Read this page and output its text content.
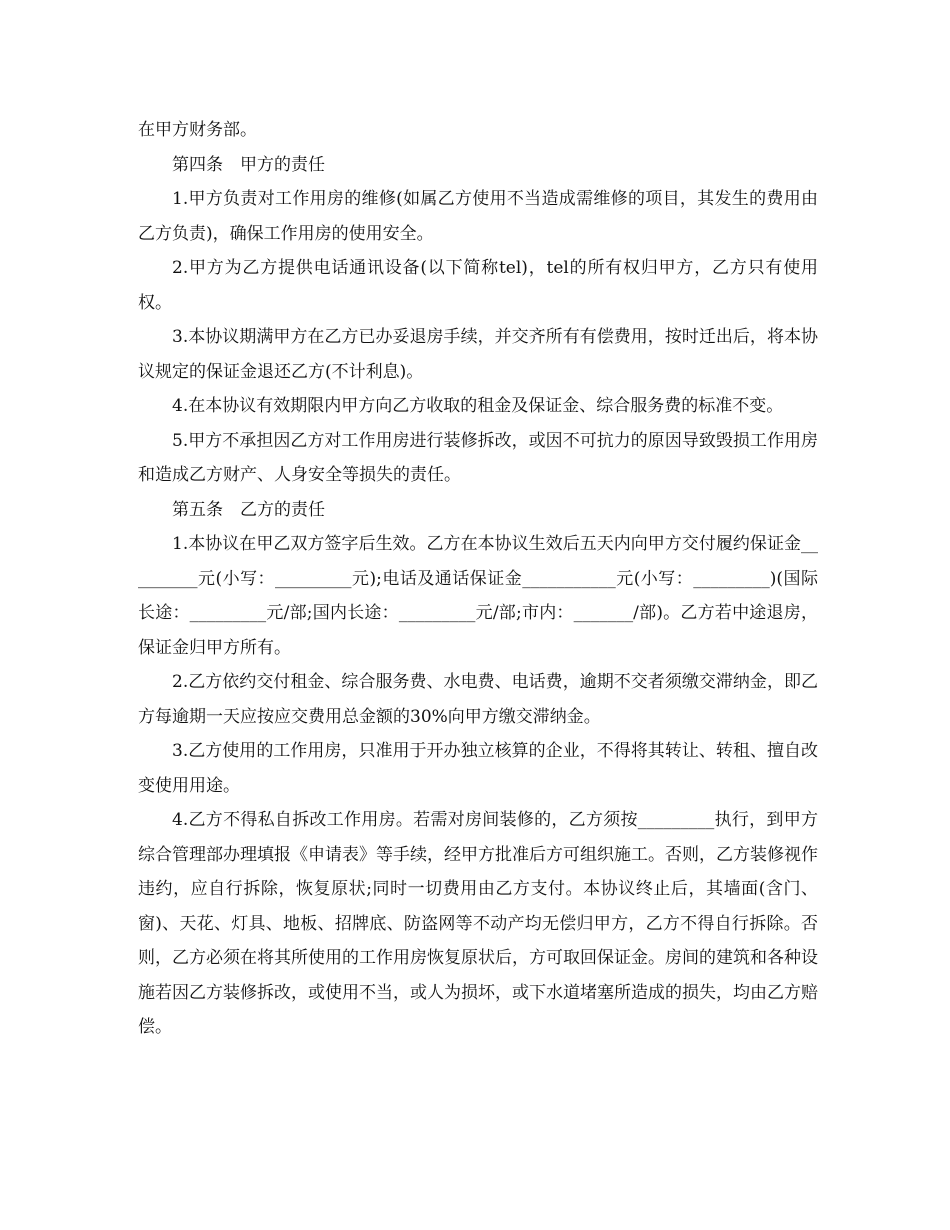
在甲方财务部。

第四条　甲方的责任

1.甲方负责对工作用房的维修(如属乙方使用不当造成需维修的项目，其发生的费用由乙方负责)，确保工作用房的使用安全。

2.甲方为乙方提供电话通讯设备(以下简称tel)，tel的所有权归甲方，乙方只有使用权。

3.本协议期满甲方在乙方已办妥退房手续，并交齐所有有偿费用，按时迁出后，将本协议规定的保证金退还乙方(不计利息)。

4.在本协议有效期限内甲方向乙方收取的租金及保证金、综合服务费的标准不变。

5.甲方不承担因乙方对工作用房进行装修拆改，或因不可抗力的原因导致毁损工作用房和造成乙方财产、人身安全等损失的责任。

第五条　乙方的责任

1.本协议在甲乙双方签字后生效。乙方在本协议生效后五天内向甲方交付履约保证金_________元(小写：_________元);电话及通话保证金___________元(小写：_________)(国际长途：_________元/部;国内长途：_________元/部;市内：_______/部)。乙方若中途退房，保证金归甲方所有。

2.乙方依约交付租金、综合服务费、水电费、电话费，逾期不交者须缴交滞纳金，即乙方每逾期一天应按应交费用总金额的30%向甲方缴交滞纳金。

3.乙方使用的工作用房，只准用于开办独立核算的企业，不得将其转让、转租、擅自改变使用用途。

4.乙方不得私自拆改工作用房。若需对房间装修的，乙方须按_________执行，到甲方综合管理部办理填报《申请表》等手续，经甲方批准后方可组织施工。否则，乙方装修视作违约，应自行拆除，恢复原状;同时一切费用由乙方支付。本协议终止后，其墙面(含门、窗)、天花、灯具、地板、招牌底、防盗网等不动产均无偿归甲方，乙方不得自行拆除。否则，乙方必须在将其所使用的工作用房恢复原状后，方可取回保证金。房间的建筑和各种设施若因乙方装修拆改，或使用不当，或人为损坏，或下水道堵塞所造成的损失，均由乙方赔偿。
